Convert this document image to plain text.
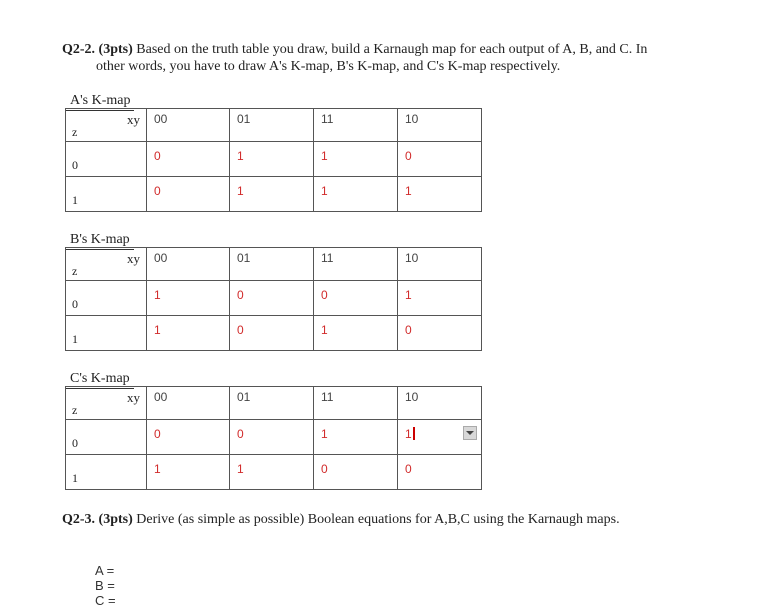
Q2-2. (3pts) Based on the truth table you draw, build a Karnaugh map for each output of A, B, and C. In
other words, you have to draw A's K-map, B's K-map, and C's K-map respectively.
A's K-map
xy
z	00	01	11	10

0	0	1	1	0

1	0	1	1	1
B's K-map
xy
z	00	01	11	10

0	1	0	0	1

1	1	0	1	0
C's K-map
xy
z	00	01	11	10

0	0	0	1	1

1	1	1	0	0
Q2-3. (3pts) Derive (as simple as possible) Boolean equations for A,B,C using the Karnaugh maps.
A =
B =
C =
